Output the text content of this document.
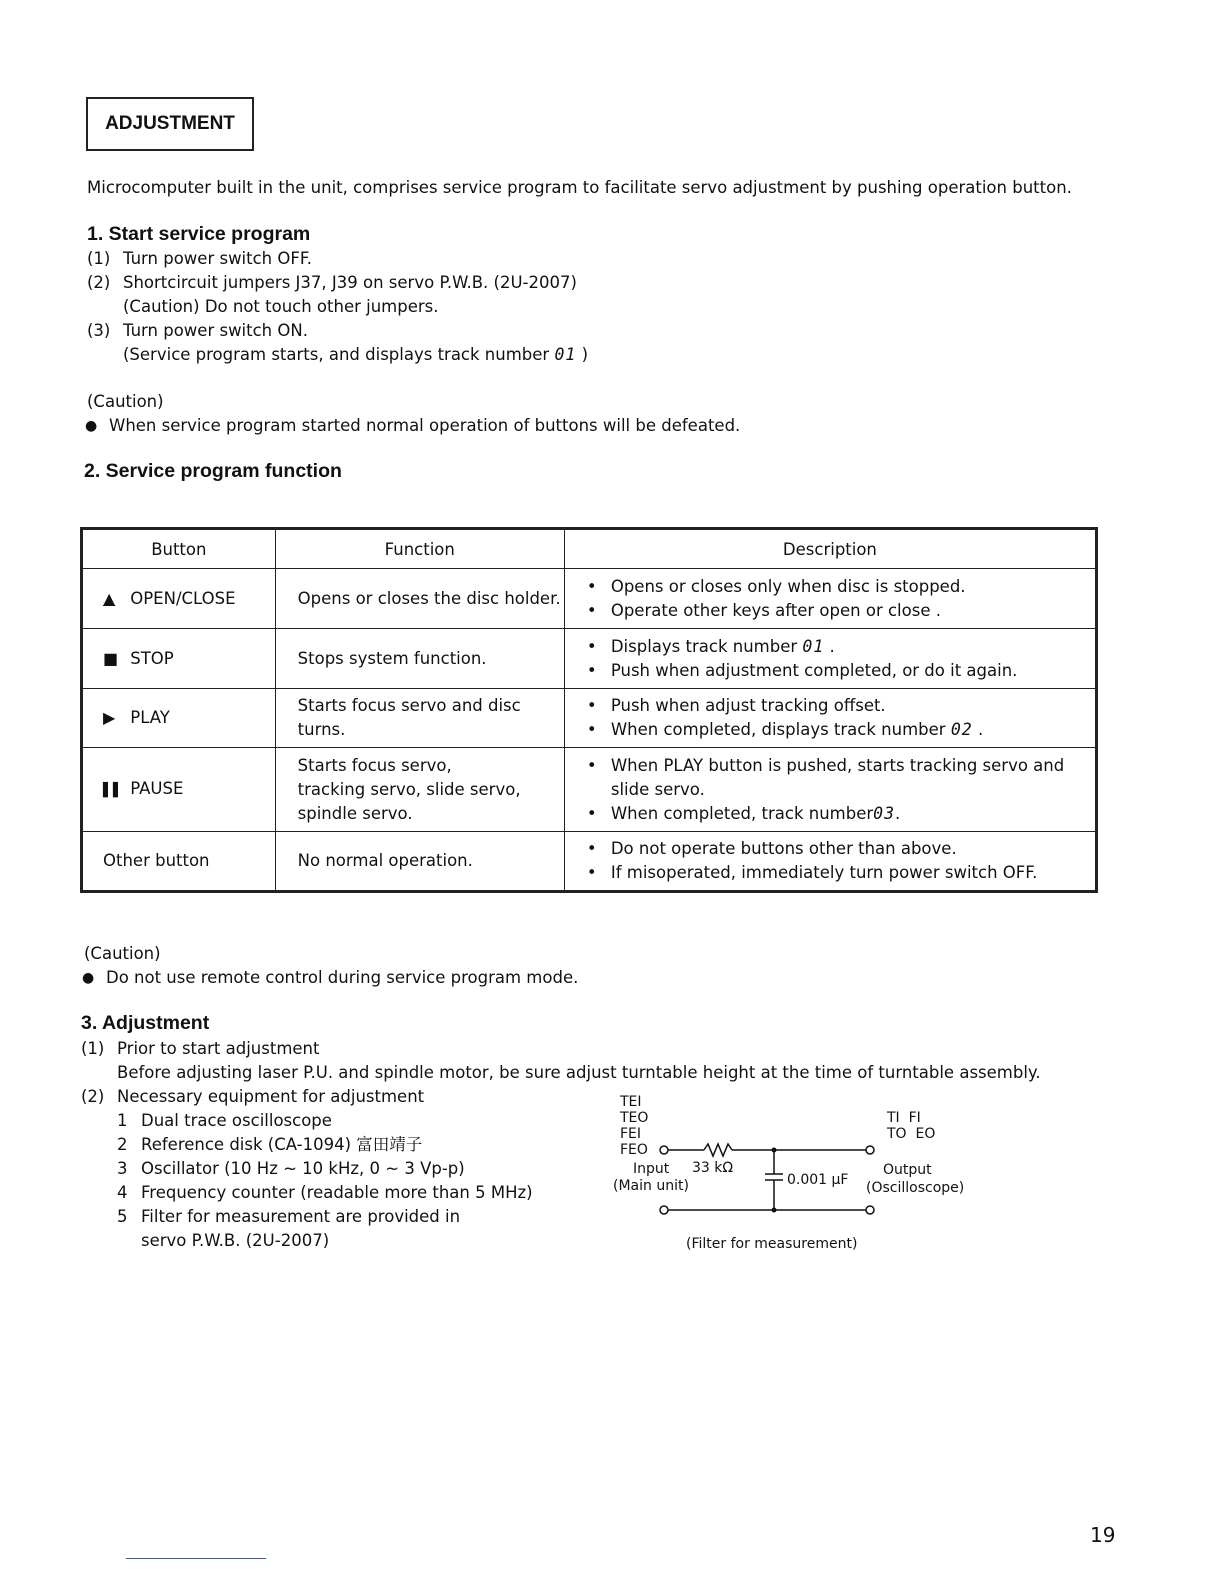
ADJUSTMENT
Microcomputer built in the unit, comprises service program to facilitate servo adjustment by pushing operation button.
1. Start service program
(1) Turn power switch OFF.
(2) Shortcircuit jumpers J37, J39 on servo P.W.B. (2U-2007)
(Caution) Do not touch other jumpers.
(3) Turn power switch ON.
(Service program starts, and displays track number 01 )
(Caution)
● When service program started normal operation of buttons will be defeated.
2. Service program function
Button	Function	Description
▲ OPEN/CLOSE	Opens or closes the disc holder.	• Opens or closes only when disc is stopped.
• Operate other keys after open or close .

■ STOP	Stops system function.	• Displays track number 01 .
• Push when adjustment completed, or do it again.

▶ PLAY	Starts focus servo and disc turns.	• Push when adjust tracking offset.
• When completed, displays track number 02 .

▌▌ PAUSE	Starts focus servo, tracking servo, slide servo, spindle servo.	• When PLAY button is pushed, starts tracking servo and slide servo.
• When completed, track number03.

Other button	No normal operation.	• Do not operate buttons other than above.
• If misoperated, immediately turn power switch OFF.
(Caution)
● Do not use remote control during service program mode.
3. Adjustment
(1) Prior to start adjustment
Before adjusting laser P.U. and spindle motor, be sure adjust turntable height at the time of turntable assembly.
(2) Necessary equipment for adjustment
1 Dual trace oscilloscope
2 Reference disk (CA-1094) 富田靖子
3 Oscillator (10 Hz ~ 10 kHz, 0 ~ 3 Vp-p)
4 Frequency counter (readable more than 5 MHz)
5 Filter for measurement are provided in
servo P.W.B. (2U-2007)
TEI
TEO
FEI
FEO
TI  FI
TO  EO
Input
(Main unit)
33 kΩ
0.001 μF
Output
(Oscilloscope)
(Filter for measurement)
19
